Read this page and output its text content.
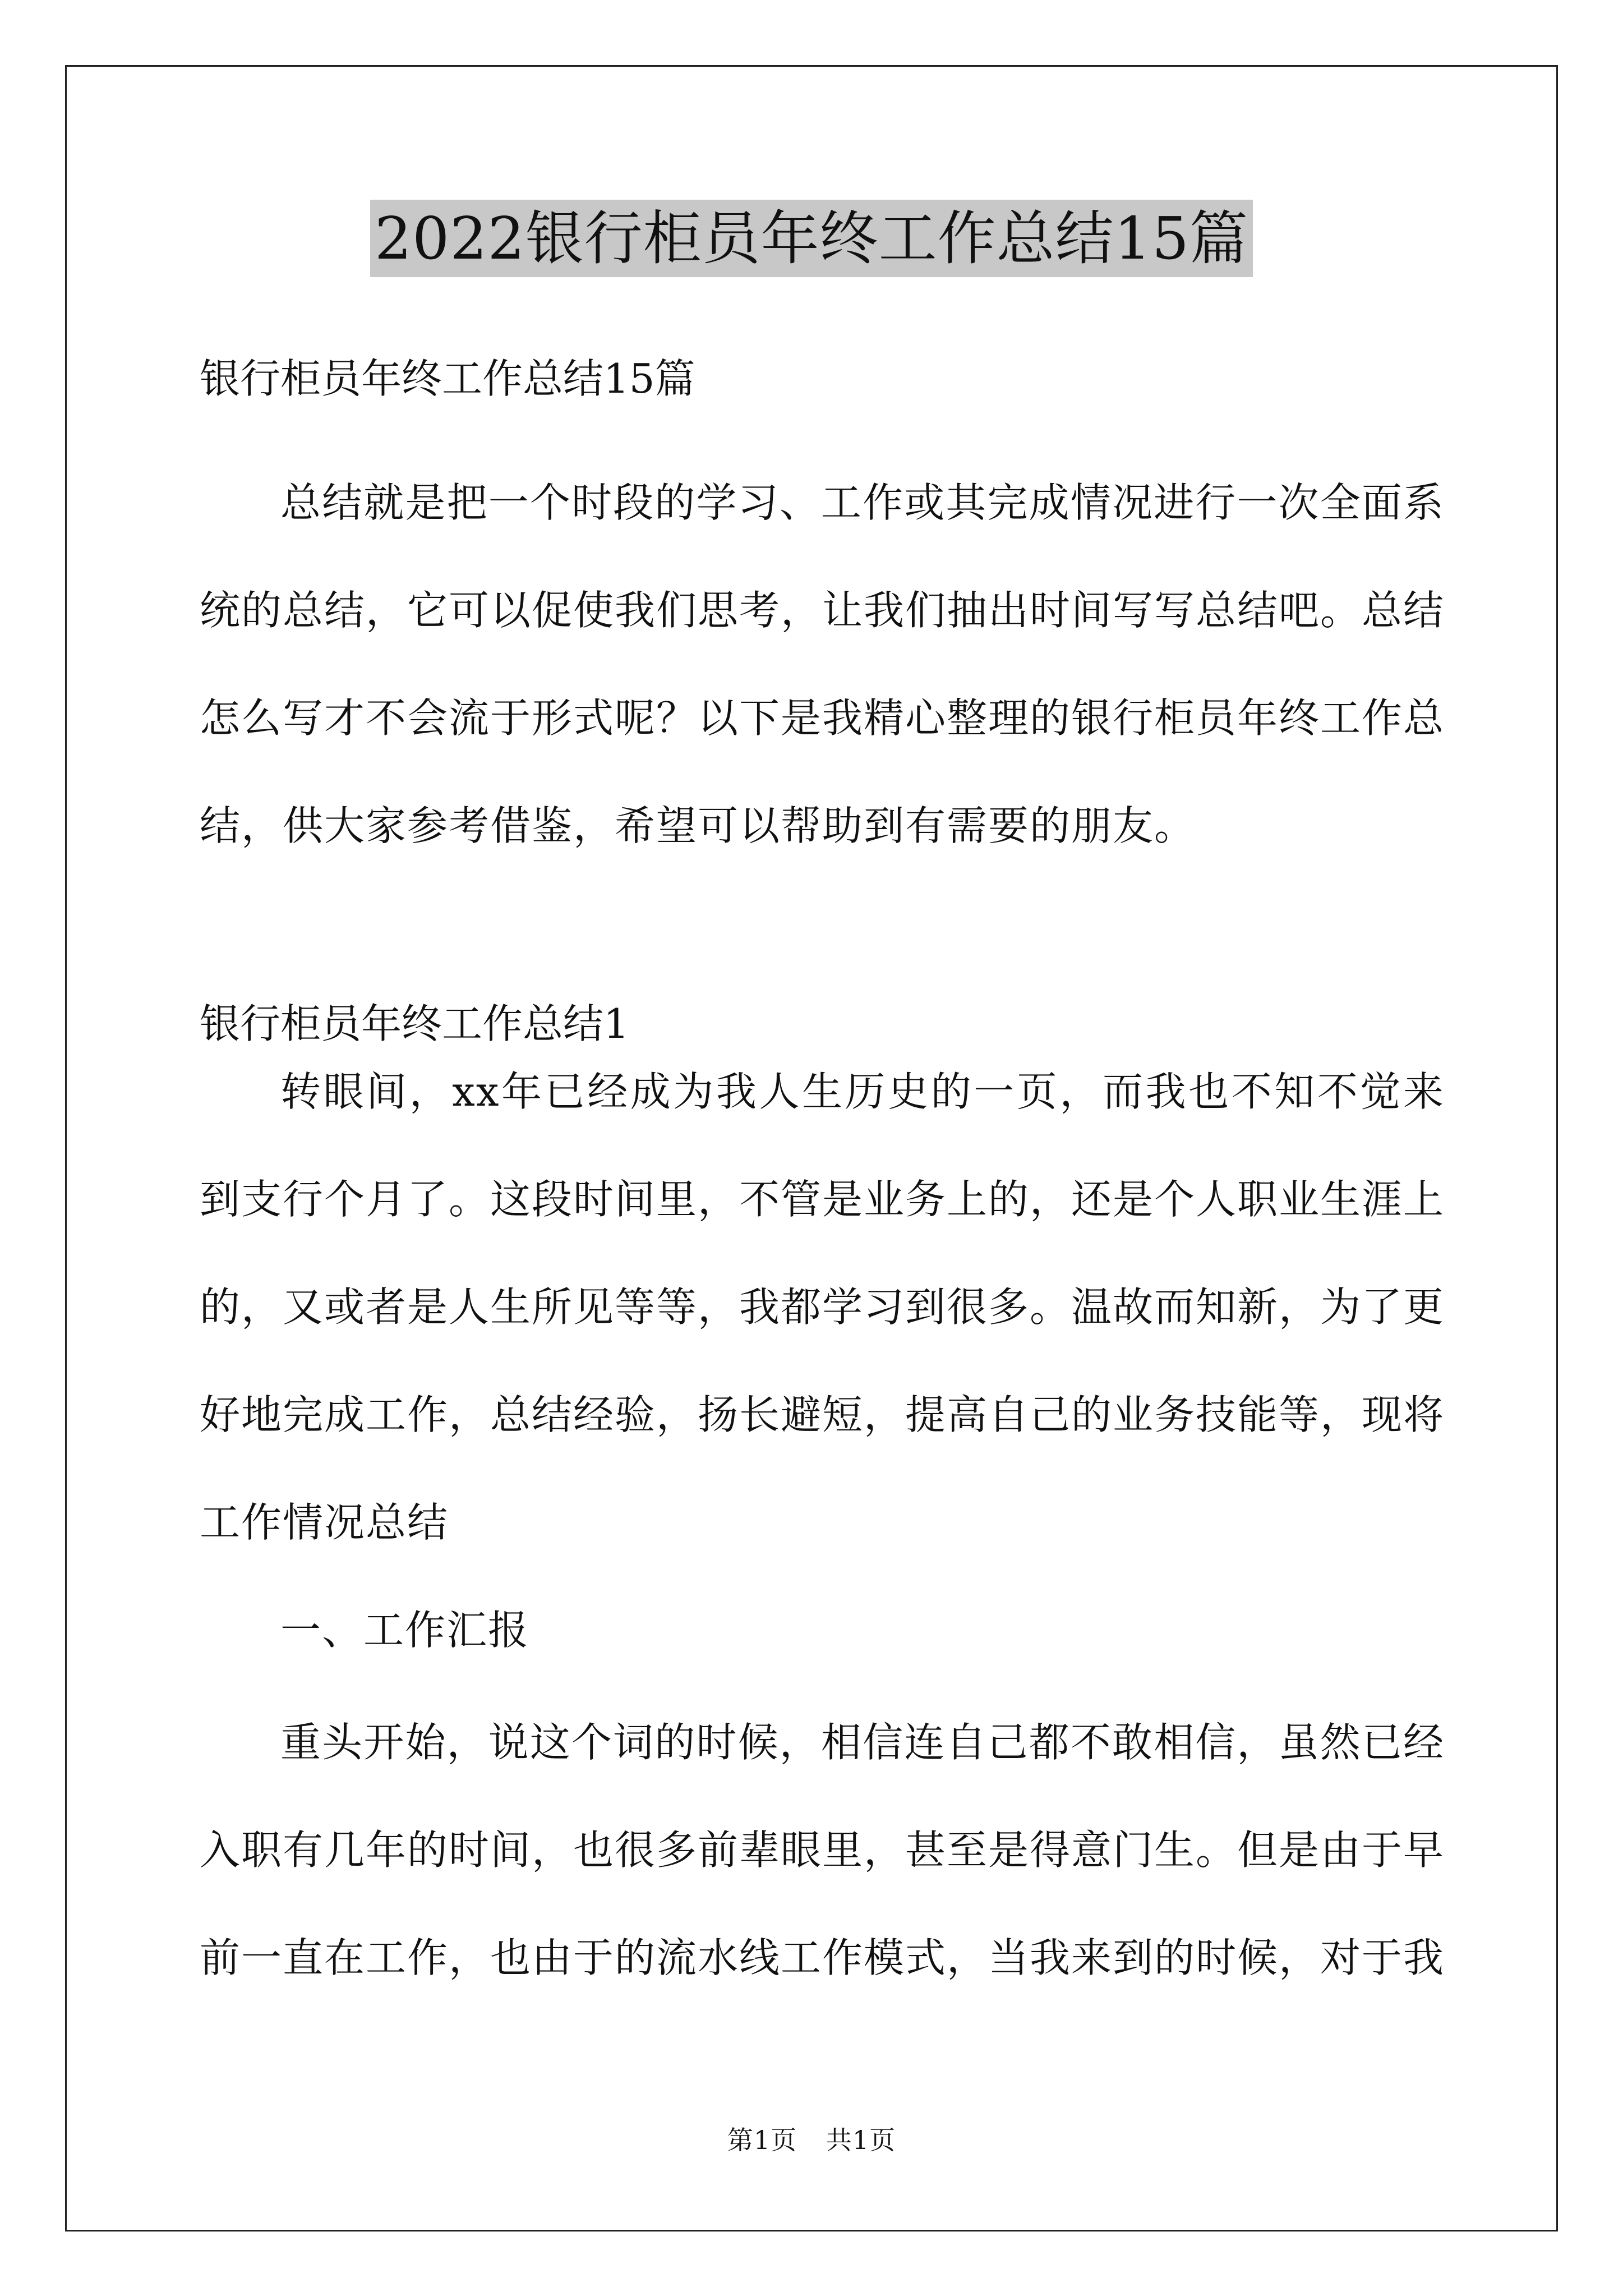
2022银行柜员年终工作总结15篇
银行柜员年终工作总结15篇
总结就是把一个时段的学习、工作或其完成情况进行一次全面系统的总结，它可以促使我们思考，让我们抽出时间写写总结吧。总结怎么写才不会流于形式呢？以下是我精心整理的银行柜员年终工作总结，供大家参考借鉴，希望可以帮助到有需要的朋友。
银行柜员年终工作总结1
转眼间，xx年已经成为我人生历史的一页，而我也不知不觉来到支行个月了。这段时间里，不管是业务上的，还是个人职业生涯上的，又或者是人生所见等等，我都学习到很多。温故而知新，为了更好地完成工作，总结经验，扬长避短，提高自己的业务技能等，现将工作情况总结
一、工作汇报
重头开始，说这个词的时候，相信连自己都不敢相信，虽然已经入职有几年的时间，也很多前辈眼里，甚至是得意门生。但是由于早前一直在工作，也由于的流水线工作模式，当我来到的时候，对于我
第1页 共1页
